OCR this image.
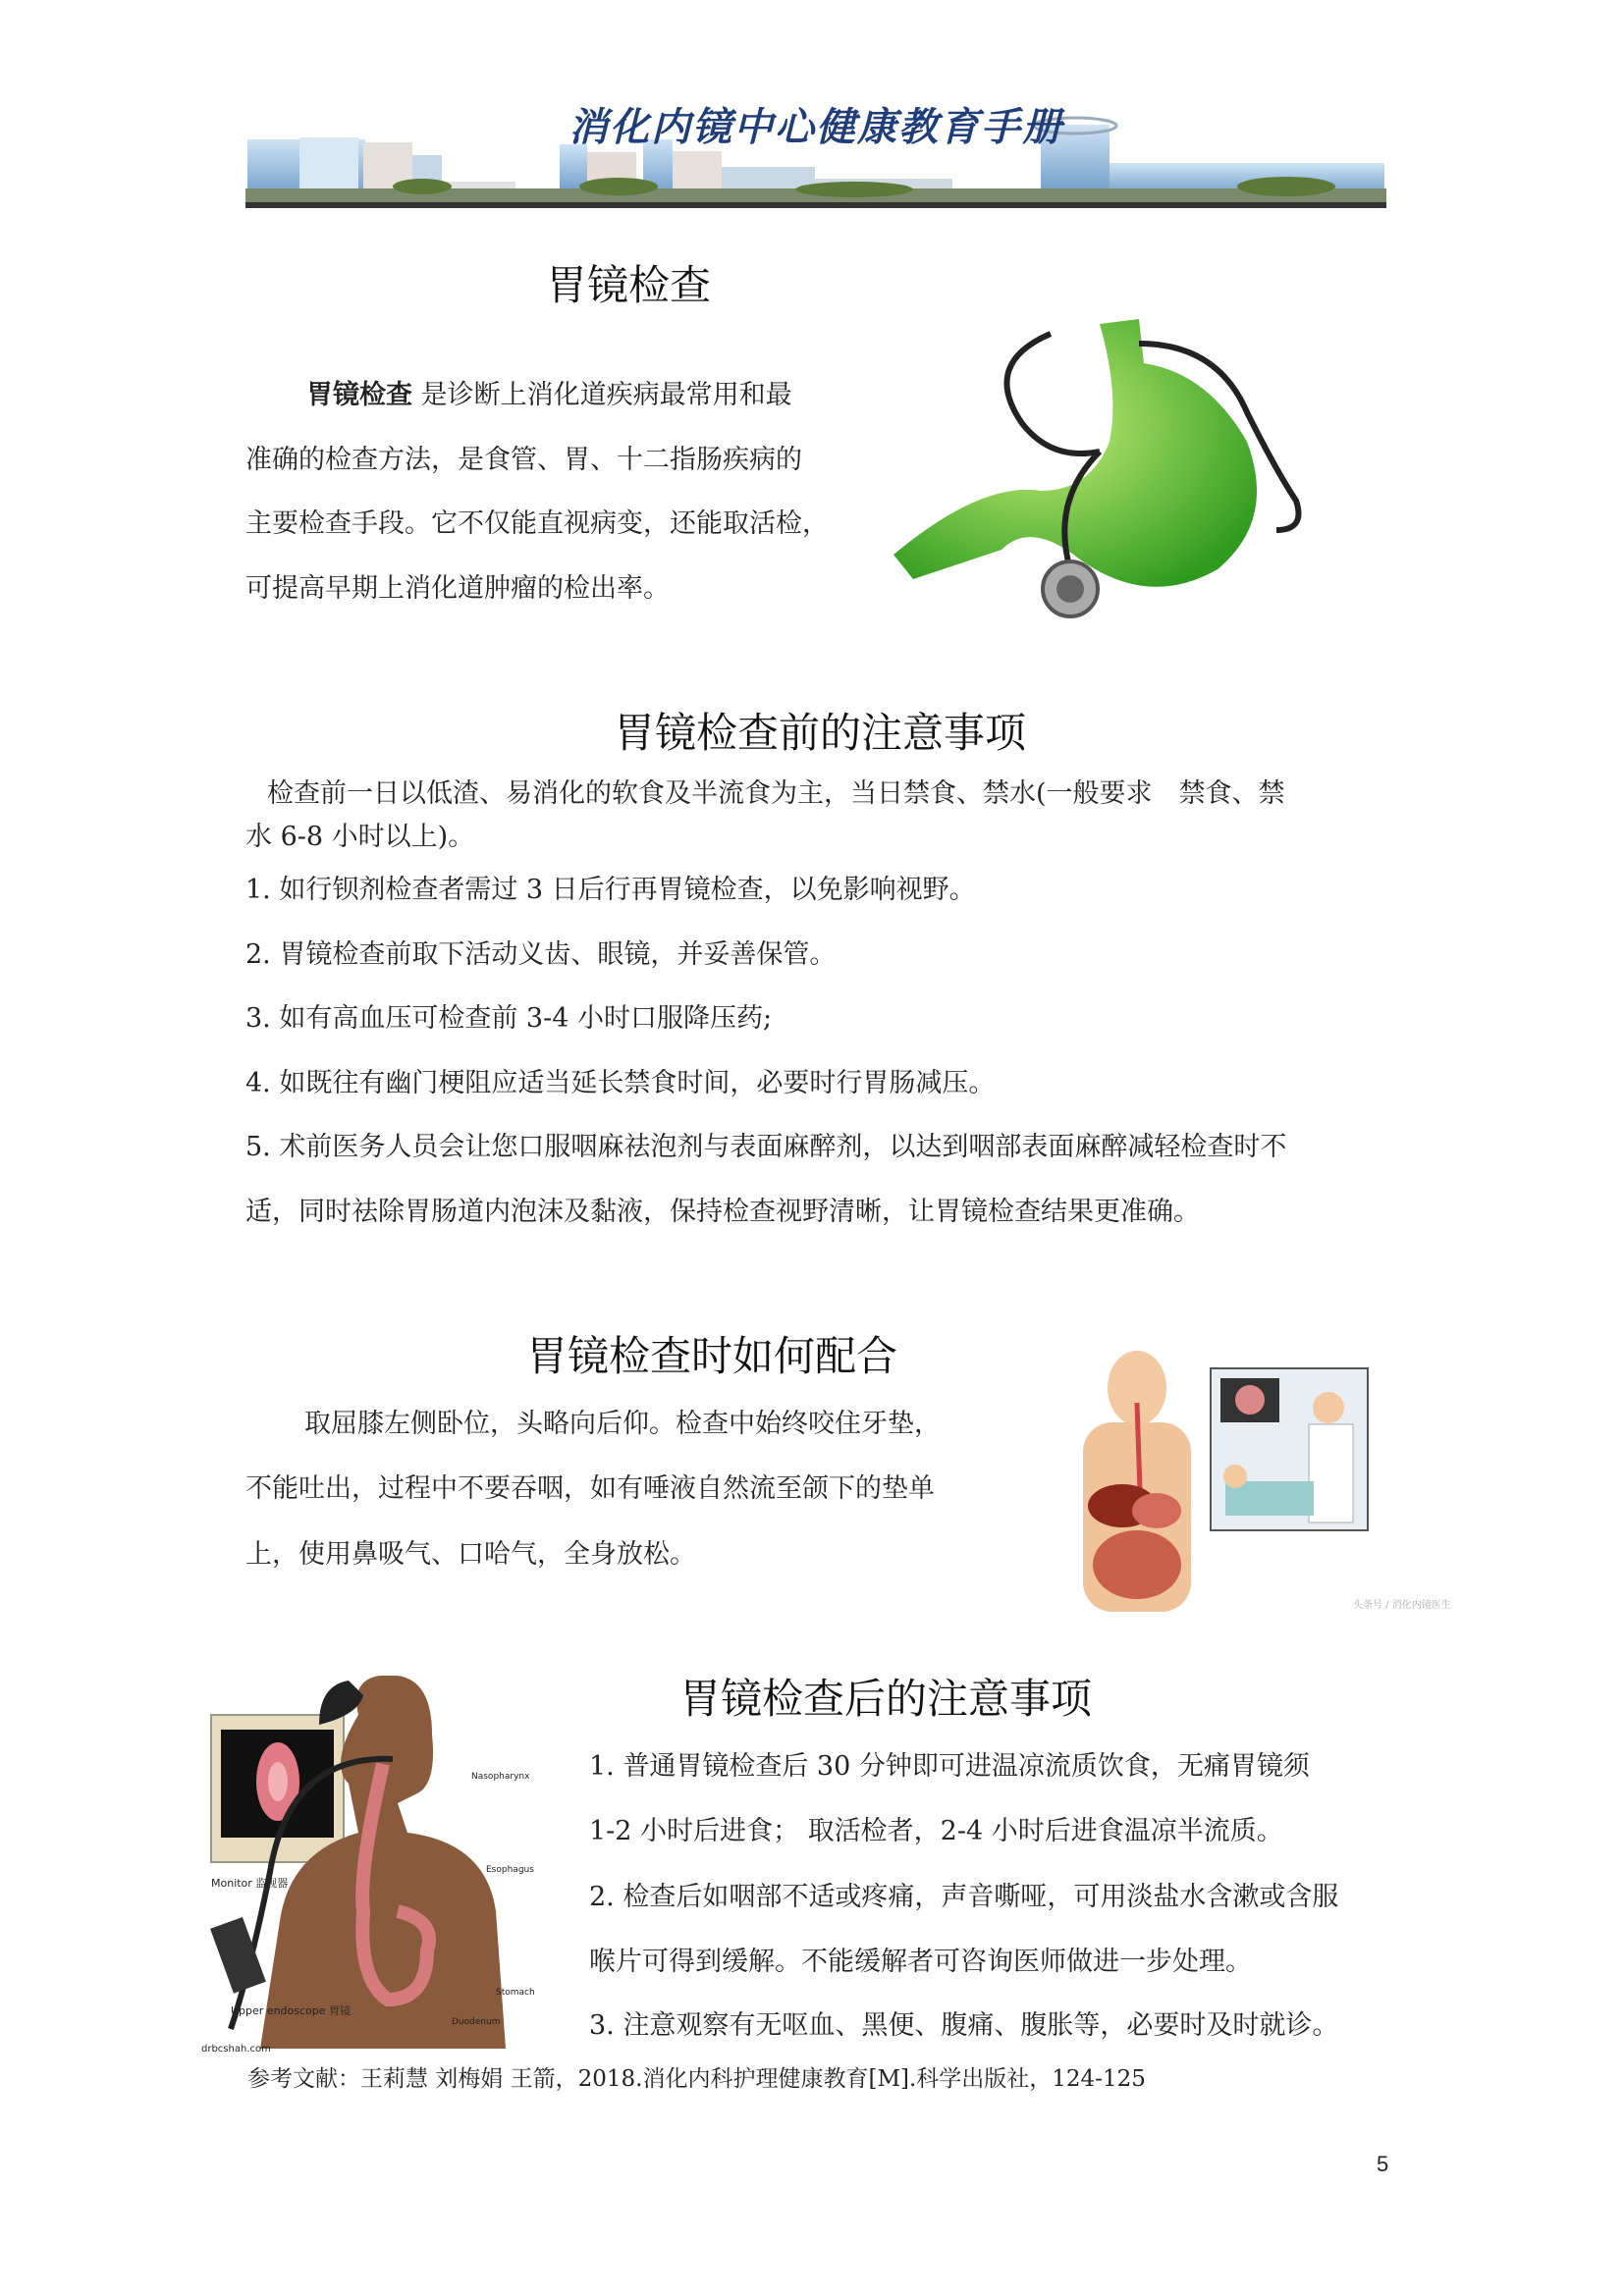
消化内镜中心健康教育手册
胃镜检查
胃镜检查 是诊断上消化道疾病最常用和最
准确的检查方法，是食管、胃、十二指肠疾病的
主要检查手段。它不仅能直视病变，还能取活检，
可提高早期上消化道肿瘤的检出率。
胃镜检查前的注意事项
检查前一日以低渣、易消化的软食及半流食为主，当日禁食、禁水(一般要求　禁食、禁
水 6-8 小时以上)。
1. 如行钡剂检查者需过 3 日后行再胃镜检查，以免影响视野。
2. 胃镜检查前取下活动义齿、眼镜，并妥善保管。
3. 如有高血压可检查前 3-4 小时口服降压药;
4. 如既往有幽门梗阻应适当延长禁食时间，必要时行胃肠减压。
5. 术前医务人员会让您口服咽麻祛泡剂与表面麻醉剂，以达到咽部表面麻醉减轻检查时不
适，同时祛除胃肠道内泡沫及黏液，保持检查视野清晰，让胃镜检查结果更准确。
胃镜检查时如何配合
取屈膝左侧卧位，头略向后仰。检查中始终咬住牙垫，
不能吐出，过程中不要吞咽，如有唾液自然流至颌下的垫单
上，使用鼻吸气、口哈气，全身放松。
头条号 / 消化内镜医生
胃镜检查后的注意事项
Monitor 监视器
Upper endoscope 胃镜
drbcshah.com
Nasopharynx
Esophagus
Stomach
Duodenum
1. 普通胃镜检查后 30 分钟即可进温凉流质饮食，无痛胃镜须
1-2 小时后进食； 取活检者，2-4 小时后进食温凉半流质。
2. 检查后如咽部不适或疼痛，声音嘶哑，可用淡盐水含漱或含服
喉片可得到缓解。不能缓解者可咨询医师做进一步处理。
3. 注意观察有无呕血、黑便、腹痛、腹胀等，必要时及时就诊。
参考文献：王莉慧 刘梅娟 王箭，2018.消化内科护理健康教育[M].科学出版社，124-125
5
